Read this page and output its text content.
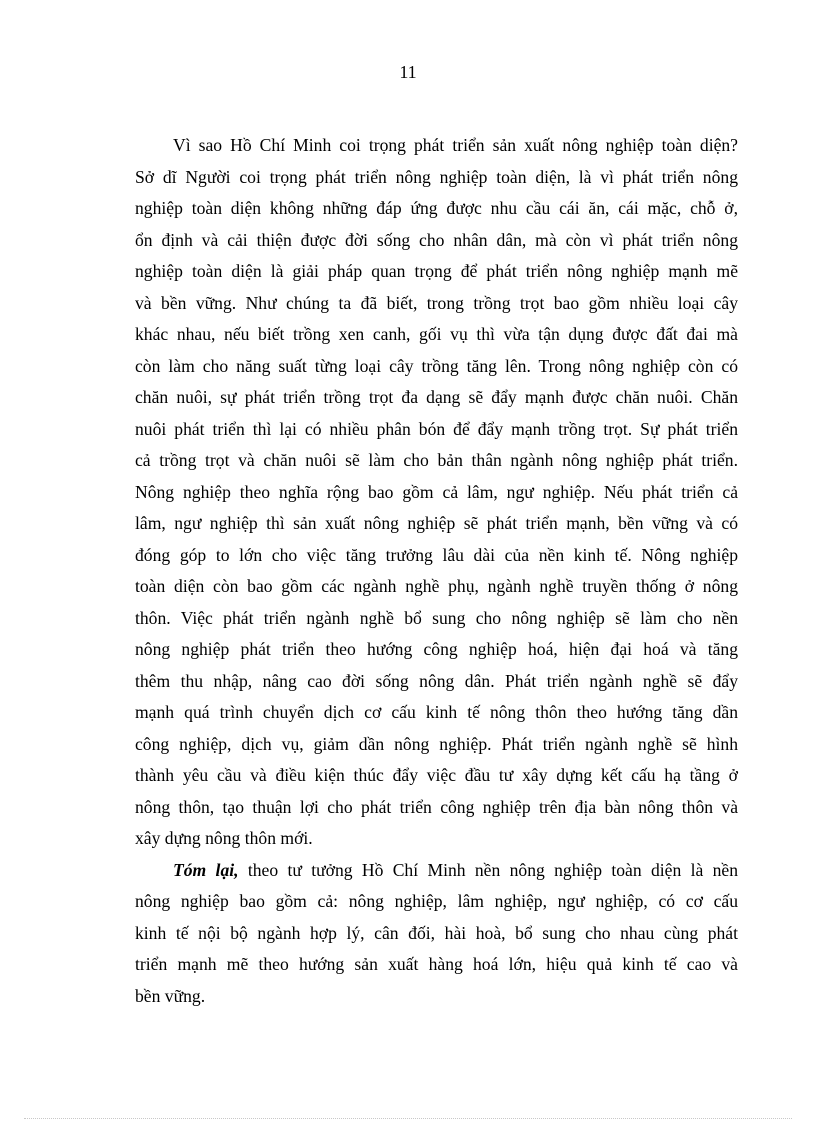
11
Vì sao Hồ Chí Minh coi trọng phát triển sản xuất nông nghiệp toàn diện?
Sở dĩ Người coi trọng phát triển nông nghiệp toàn diện, là vì phát triển nông
nghiệp toàn diện không những đáp ứng được nhu cầu cái ăn, cái mặc, chỗ ở,
ổn định và cải thiện được đời sống cho nhân dân, mà còn vì phát triển nông
nghiệp toàn diện là giải pháp quan trọng để phát triển nông nghiệp mạnh mẽ
và bền vững. Như chúng ta đã biết, trong trồng trọt bao gồm nhiều loại cây
khác nhau, nếu biết trồng xen canh, gối vụ thì vừa tận dụng được đất đai mà
còn làm cho năng suất từng loại cây trồng tăng lên. Trong nông nghiệp còn có
chăn nuôi, sự phát triển trồng trọt đa dạng sẽ đẩy mạnh được chăn nuôi. Chăn
nuôi phát triển thì lại có nhiều phân bón để đẩy mạnh trồng trọt. Sự phát triển
cả trồng trọt và chăn nuôi sẽ làm cho bản thân ngành nông nghiệp phát triển.
Nông nghiệp theo nghĩa rộng bao gồm cả lâm, ngư nghiệp. Nếu phát triển cả
lâm, ngư nghiệp thì sản xuất nông nghiệp sẽ phát triển mạnh, bền vững và có
đóng góp to lớn cho việc tăng trưởng lâu dài của nền kinh tế. Nông nghiệp
toàn diện còn bao gồm các ngành nghề phụ, ngành nghề truyền thống ở nông
thôn. Việc phát triển ngành nghề bổ sung cho nông nghiệp sẽ làm cho nền
nông nghiệp phát triển theo hướng công nghiệp hoá, hiện đại hoá và tăng
thêm thu nhập, nâng cao đời sống nông dân. Phát triển ngành nghề sẽ đẩy
mạnh quá trình chuyển dịch cơ cấu kinh tế nông thôn theo hướng tăng dần
công nghiệp, dịch vụ, giảm dần nông nghiệp. Phát triển ngành nghề sẽ hình
thành yêu cầu và điều kiện thúc đẩy việc đầu tư xây dựng kết cấu hạ tầng ở
nông thôn, tạo thuận lợi cho phát triển công nghiệp trên địa bàn nông thôn và
xây dựng nông thôn mới.
Tóm lại, theo tư tưởng Hồ Chí Minh nền nông nghiệp toàn diện là nền
nông nghiệp bao gồm cả: nông nghiệp, lâm nghiệp, ngư nghiệp, có cơ cấu
kinh tế nội bộ ngành hợp lý, cân đối, hài hoà, bổ sung cho nhau cùng phát
triển mạnh mẽ theo hướng sản xuất hàng hoá lớn, hiệu quả kinh tế cao và
bền vững.
